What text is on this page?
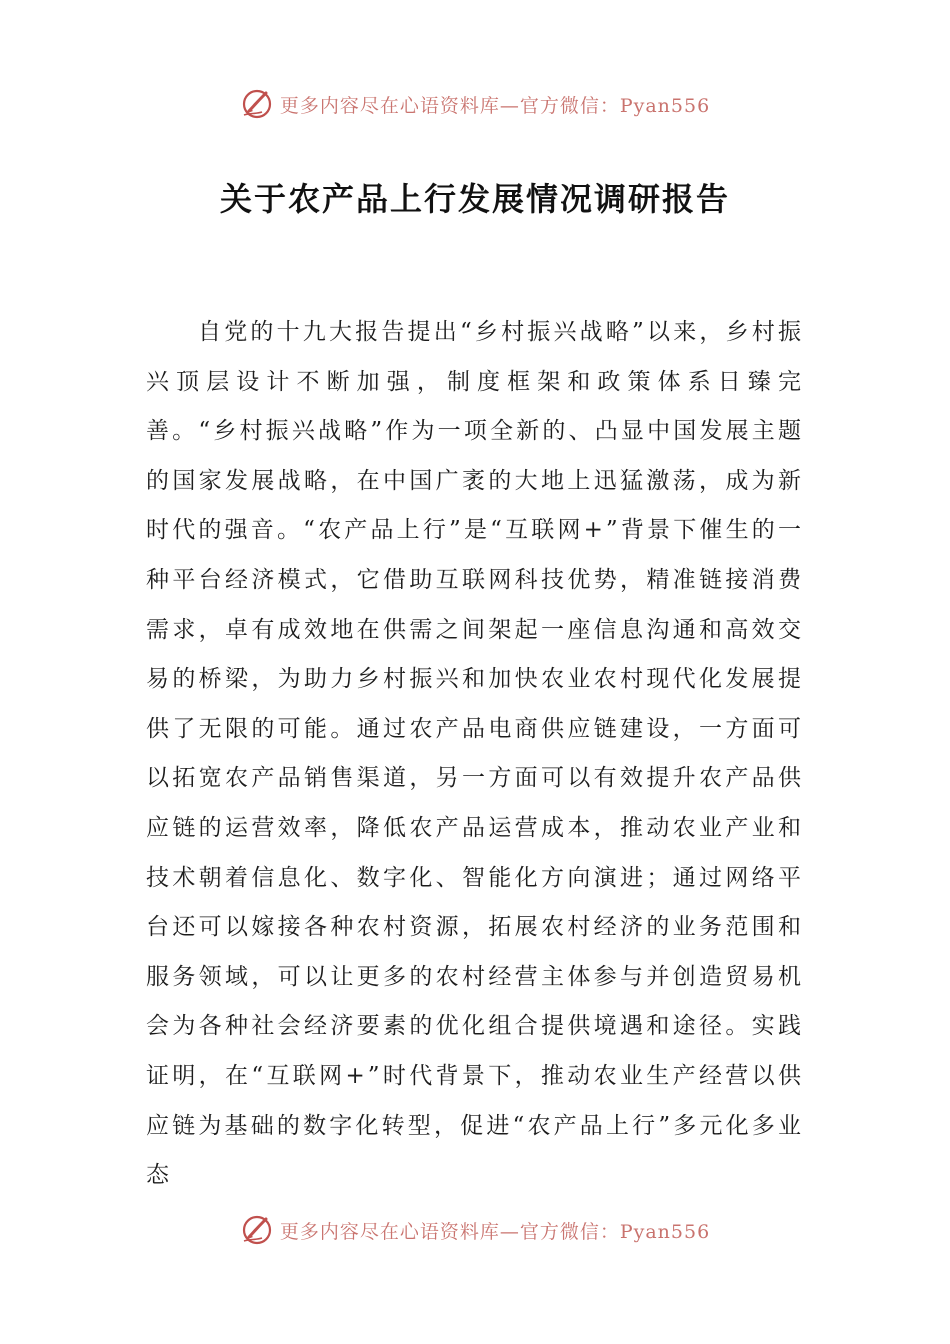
更多内容尽在心语资料库—官方微信：Pyan556
关于农产品上行发展情况调研报告

自党的十九大报告提出“乡村振兴战略”以来，乡村振兴顶层设计不断加强，制度框架和政策体系日臻完善。“乡村振兴战略”作为一项全新的、凸显中国发展主题的国家发展战略，在中国广袤的大地上迅猛激荡，成为新时代的强音。“农产品上行”是“互联网+”背景下催生的一种平台经济模式，它借助互联网科技优势，精准链接消费需求，卓有成效地在供需之间架起一座信息沟通和高效交易的桥梁，为助力乡村振兴和加快农业农村现代化发展提供了无限的可能。通过农产品电商供应链建设，一方面可以拓宽农产品销售渠道，另一方面可以有效提升农产品供应链的运营效率，降低农产品运营成本，推动农业产业和技术朝着信息化、数字化、智能化方向演进；通过网络平台还可以嫁接各种农村资源，拓展农村经济的业务范围和服务领域，可以让更多的农村经营主体参与并创造贸易机会为各种社会经济要素的优化组合提供境遇和途径。实践证明，在“互联网+”时代背景下，推动农业生产经营以供应链为基础的数字化转型，促进“农产品上行”多元化多业态

更多内容尽在心语资料库—官方微信：Pyan556
